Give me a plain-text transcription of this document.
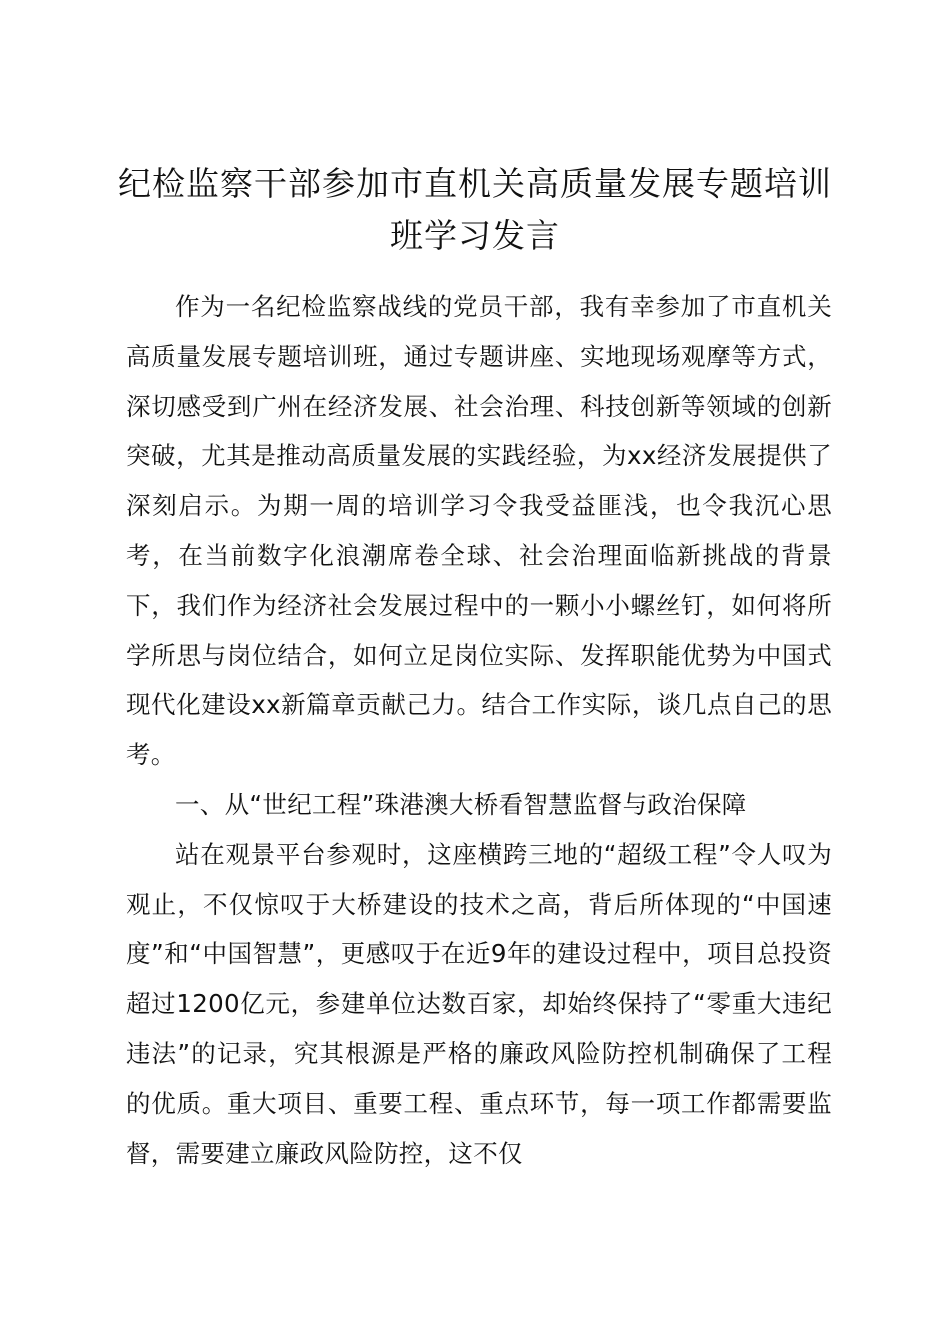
纪检监察干部参加市直机关高质量发展专题培训班学习发言

作为一名纪检监察战线的党员干部，我有幸参加了市直机关高质量发展专题培训班，通过专题讲座、实地现场观摩等方式，深切感受到广州在经济发展、社会治理、科技创新等领域的创新突破，尤其是推动高质量发展的实践经验，为xx经济发展提供了深刻启示。为期一周的培训学习令我受益匪浅，也令我沉心思考，在当前数字化浪潮席卷全球、社会治理面临新挑战的背景下，我们作为经济社会发展过程中的一颗小小螺丝钉，如何将所学所思与岗位结合，如何立足岗位实际、发挥职能优势为中国式现代化建设xx新篇章贡献己力。结合工作实际，谈几点自己的思考。

一、从“世纪工程”珠港澳大桥看智慧监督与政治保障

站在观景平台参观时，这座横跨三地的“超级工程”令人叹为观止，不仅惊叹于大桥建设的技术之高，背后所体现的“中国速度”和“中国智慧”，更感叹于在近9年的建设过程中，项目总投资超过1200亿元，参建单位达数百家，却始终保持了“零重大违纪违法”的记录，究其根源是严格的廉政风险防控机制确保了工程的优质。重大项目、重要工程、重点环节，每一项工作都需要监督，需要建立廉政风险防控，这不仅
